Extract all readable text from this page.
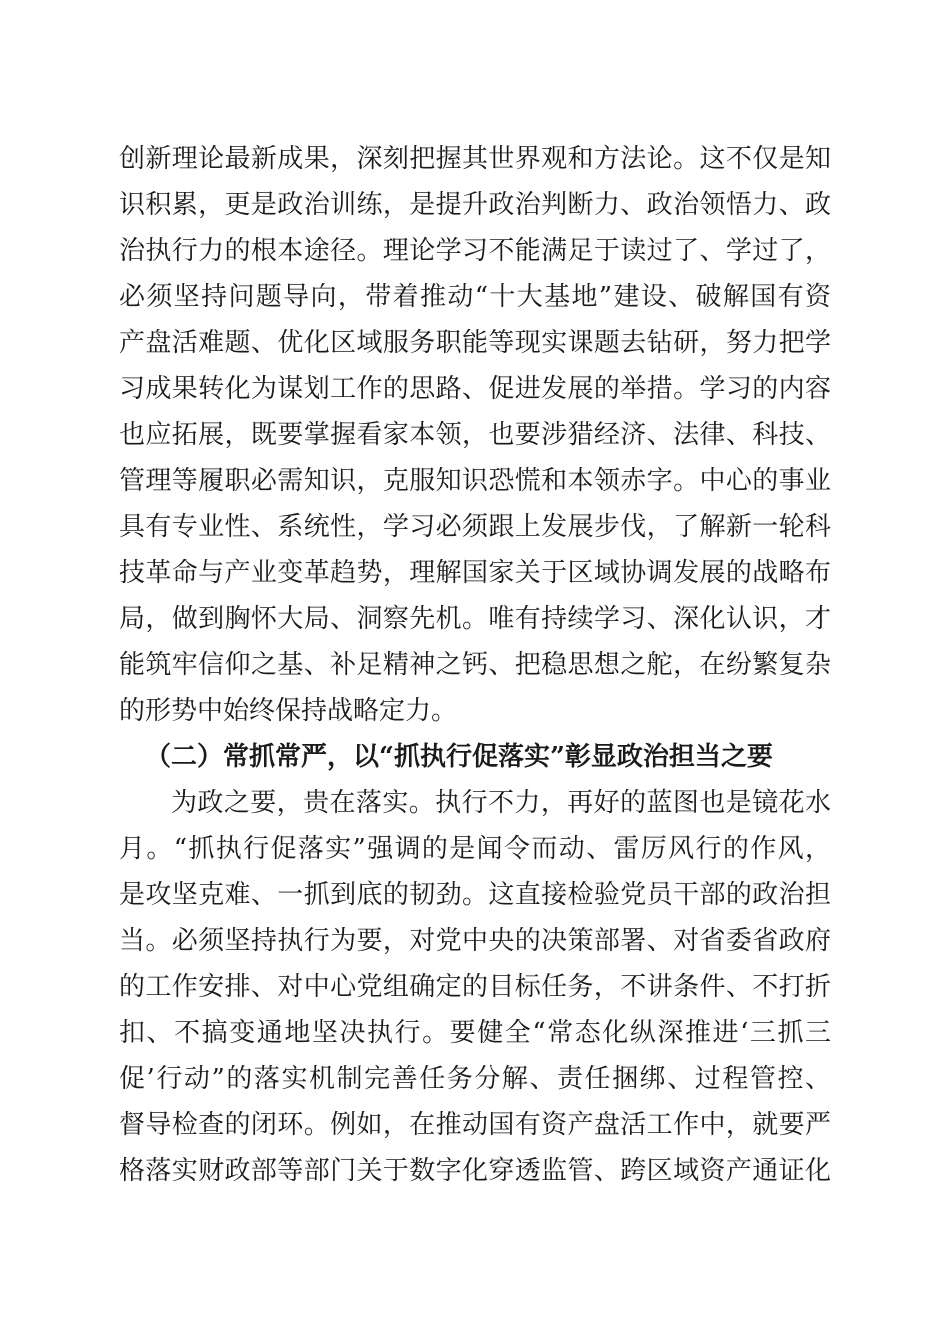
创新理论最新成果，深刻把握其世界观和方法论。这不仅是知
识积累，更是政治训练，是提升政治判断力、政治领悟力、政
治执行力的根本途径。理论学习不能满足于读过了、学过了，
必须坚持问题导向，带着推动“十大基地”建设、破解国有资
产盘活难题、优化区域服务职能等现实课题去钻研，努力把学
习成果转化为谋划工作的思路、促进发展的举措。学习的内容
也应拓展，既要掌握看家本领，也要涉猎经济、法律、科技、
管理等履职必需知识，克服知识恐慌和本领赤字。中心的事业
具有专业性、系统性，学习必须跟上发展步伐，了解新一轮科
技革命与产业变革趋势，理解国家关于区域协调发展的战略布
局，做到胸怀大局、洞察先机。唯有持续学习、深化认识，才
能筑牢信仰之基、补足精神之钙、把稳思想之舵，在纷繁复杂
的形势中始终保持战略定力。
（二）常抓常严，以“抓执行促落实”彰显政治担当之要
为政之要，贵在落实。执行不力，再好的蓝图也是镜花水
月。“抓执行促落实”强调的是闻令而动、雷厉风行的作风，
是攻坚克难、一抓到底的韧劲。这直接检验党员干部的政治担
当。必须坚持执行为要，对党中央的决策部署、对省委省政府
的工作安排、对中心党组确定的目标任务，不讲条件、不打折
扣、不搞变通地坚决执行。要健全“常态化纵深推进‘三抓三
促’行动”的落实机制完善任务分解、责任捆绑、过程管控、
督导检查的闭环。例如，在推动国有资产盘活工作中，就要严
格落实财政部等部门关于数字化穿透监管、跨区域资产通证化
